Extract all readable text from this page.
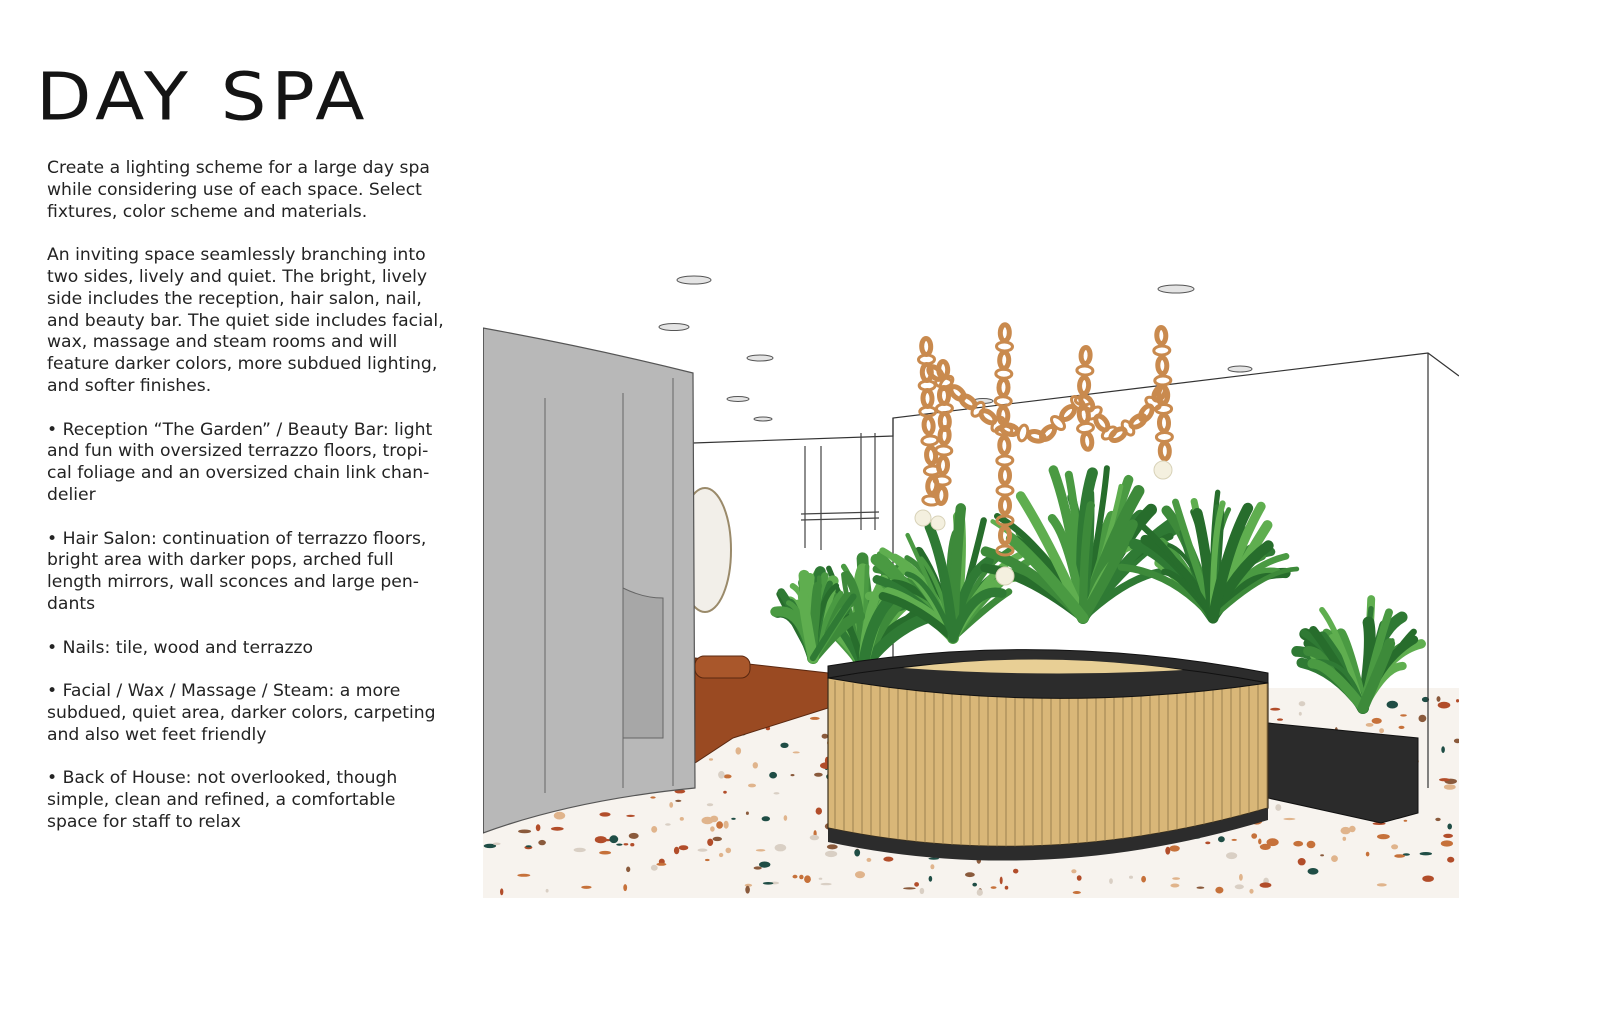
DAY SPA

Create a lighting scheme for a large day spa while considering use of each space. Select fixtures, color scheme and materials.

An inviting space seamlessly branching into two sides, lively and quiet. The bright, lively side includes the reception, hair salon, nail, and beauty bar. The quiet side includes facial, wax, massage and steam rooms and will feature darker colors, more subdued lighting, and softer finishes.

• Reception “The Garden” / Beauty Bar: light and fun with oversized terrazzo floors, tropi-cal foliage and an oversized chain link chan-delier

• Hair Salon: continuation of terrazzo floors, bright area with darker pops, arched full length mirrors, wall sconces and large pen-dants

• Nails: tile, wood and terrazzo

• Facial / Wax / Massage / Steam: a more subdued, quiet area, darker colors, carpeting and also wet feet friendly

• Back of House: not overlooked, though simple, clean and refined, a comfortable space for staff to relax
